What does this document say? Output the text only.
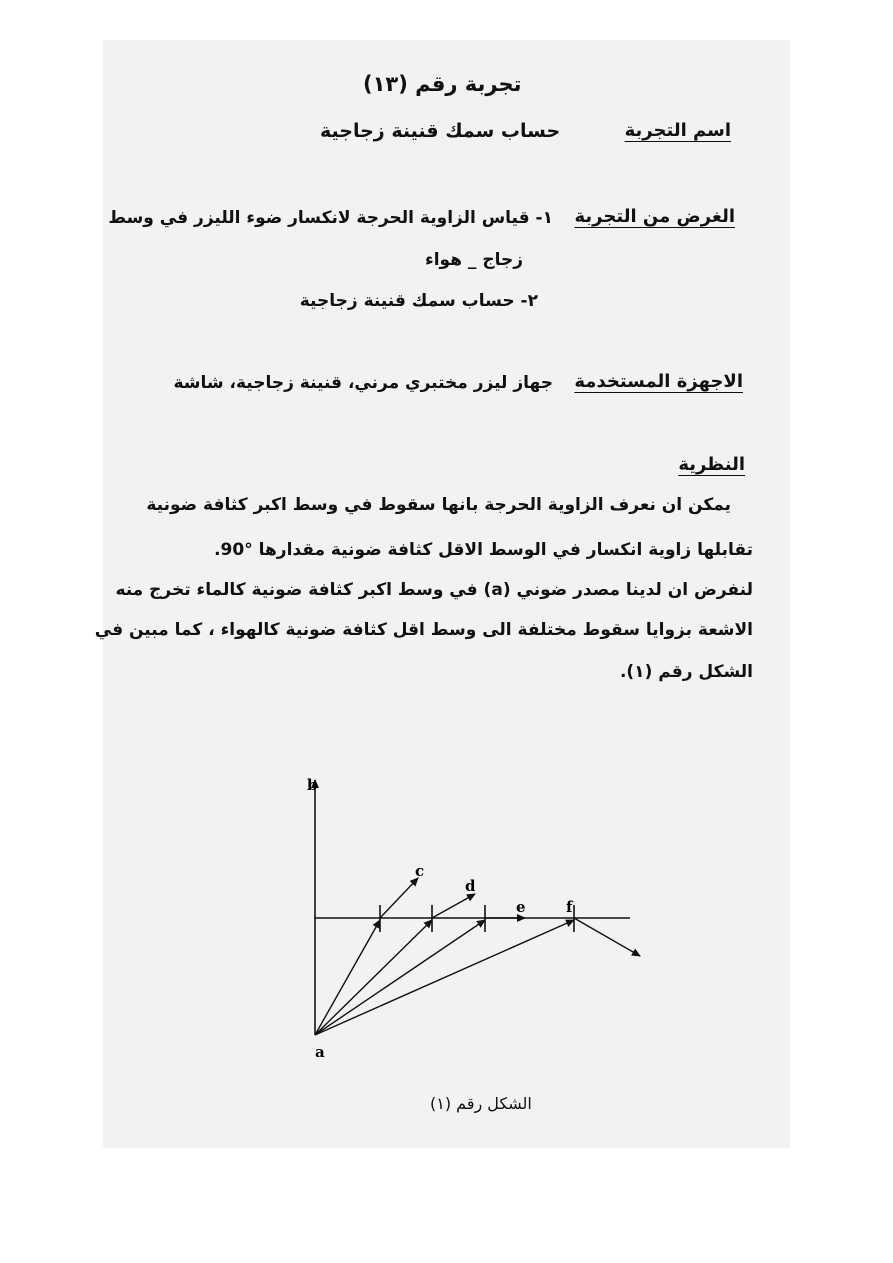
تجربة رقم (١٣)
اسم التجربة
حساب سمك قنينة زجاجية
الغرض من التجربة
١- قياس الزاوية الحرجة لانكسار ضوء الليزر في وسط
زجاج _ هواء
٢- حساب سمك قنينة زجاجية
الاجهزة المستخدمة
جهاز ليزر مختبري مرني، قنينة زجاجية، شاشة
النظرية
يمكن ان نعرف الزاوية الحرجة بانها سقوط في وسط اكبر كثافة ضونية
تقابلها زاوية انكسار في الوسط الاقل كثافة ضونية مقدارها °90.
لنفرض ان لدينا مصدر ضوني (a) في وسط اكبر كثافة ضونية كالماء تخرج منه
الاشعة بزوايا سقوط مختلفة الى وسط اقل كثافة ضونية كالهواء ، كما مبين في
الشكل رقم (١).
b
c
d
e	f
a
الشكل رقم (١)
